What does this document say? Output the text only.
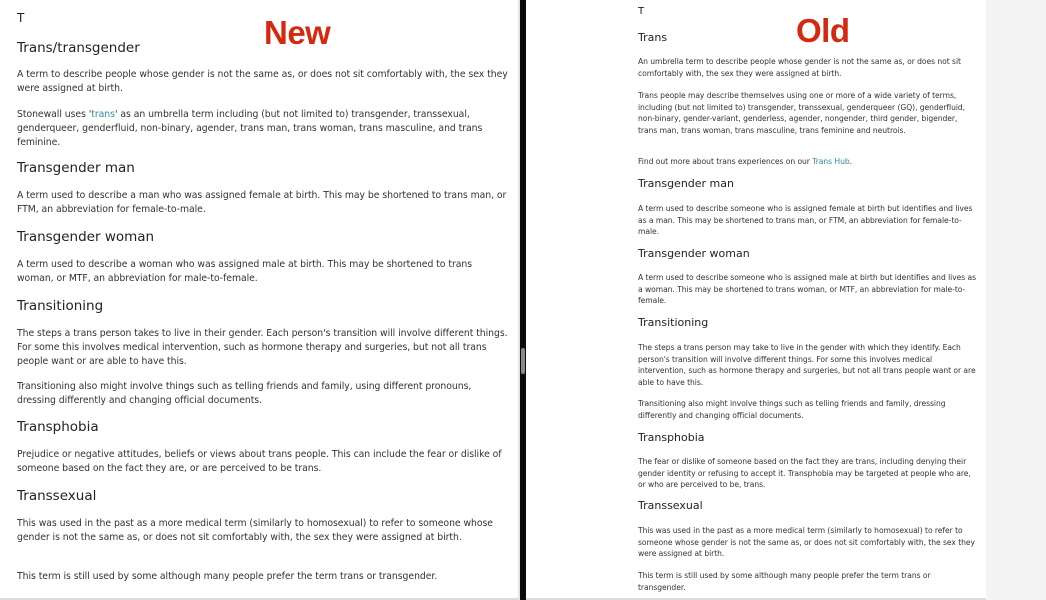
T	New
Trans/transgender

A term to describe people whose gender is not the same as, or does not sit comfortably with, the sex they were assigned at birth.

Stonewall uses 'trans' as an umbrella term including (but not limited to) transgender, transsexual, genderqueer, genderfluid, non-binary, agender, trans man, trans woman, trans masculine, and trans feminine.

Transgender man

A term used to describe a man who was assigned female at birth. This may be shortened to trans man, or FTM, an abbreviation for female-to-male.

Transgender woman

A term used to describe a woman who was assigned male at birth. This may be shortened to trans woman, or MTF, an abbreviation for male-to-female.

Transitioning

The steps a trans person takes to live in their gender. Each person's transition will involve different things. For some this involves medical intervention, such as hormone therapy and surgeries, but not all trans people want or are able to have this.

Transitioning also might involve things such as telling friends and family, using different pronouns, dressing differently and changing official documents.

Transphobia

Prejudice or negative attitudes, beliefs or views about trans people. This can include the fear or dislike of someone based on the fact they are, or are perceived to be trans.

Transsexual

This was used in the past as a more medical term (similarly to homosexual) to refer to someone whose gender is not the same as, or does not sit comfortably with, the sex they were assigned at birth.

This term is still used by some although many people prefer the term trans or transgender.

T
Old
Trans

An umbrella term to describe people whose gender is not the same as, or does not sit comfortably with, the sex they were assigned at birth.

Trans people may describe themselves using one or more of a wide variety of terms, including (but not limited to) transgender, transsexual, genderqueer (GQ), genderfluid, non-binary, gender-variant, genderless, agender, nongender, third gender, bigender, trans man, trans woman, trans masculine, trans feminine and neutrois.

Find out more about trans experiences on our Trans Hub.

Transgender man

A term used to describe someone who is assigned female at birth but identifies and lives as a man. This may be shortened to trans man, or FTM, an abbreviation for female-to-male.

Transgender woman

A term used to describe someone who is assigned male at birth but identifies and lives as a woman. This may be shortened to trans woman, or MTF, an abbreviation for male-to-female.

Transitioning

The steps a trans person may take to live in the gender with which they identify. Each person's transition will involve different things. For some this involves medical intervention, such as hormone therapy and surgeries, but not all trans people want or are able to have this.

Transitioning also might involve things such as telling friends and family, dressing differently and changing official documents.

Transphobia

The fear or dislike of someone based on the fact they are trans, including denying their gender identity or refusing to accept it. Transphobia may be targeted at people who are, or who are perceived to be, trans.

Transsexual

This was used in the past as a more medical term (similarly to homosexual) to refer to someone whose gender is not the same as, or does not sit comfortably with, the sex they were assigned at birth.

This term is still used by some although many people prefer the term trans or transgender.
